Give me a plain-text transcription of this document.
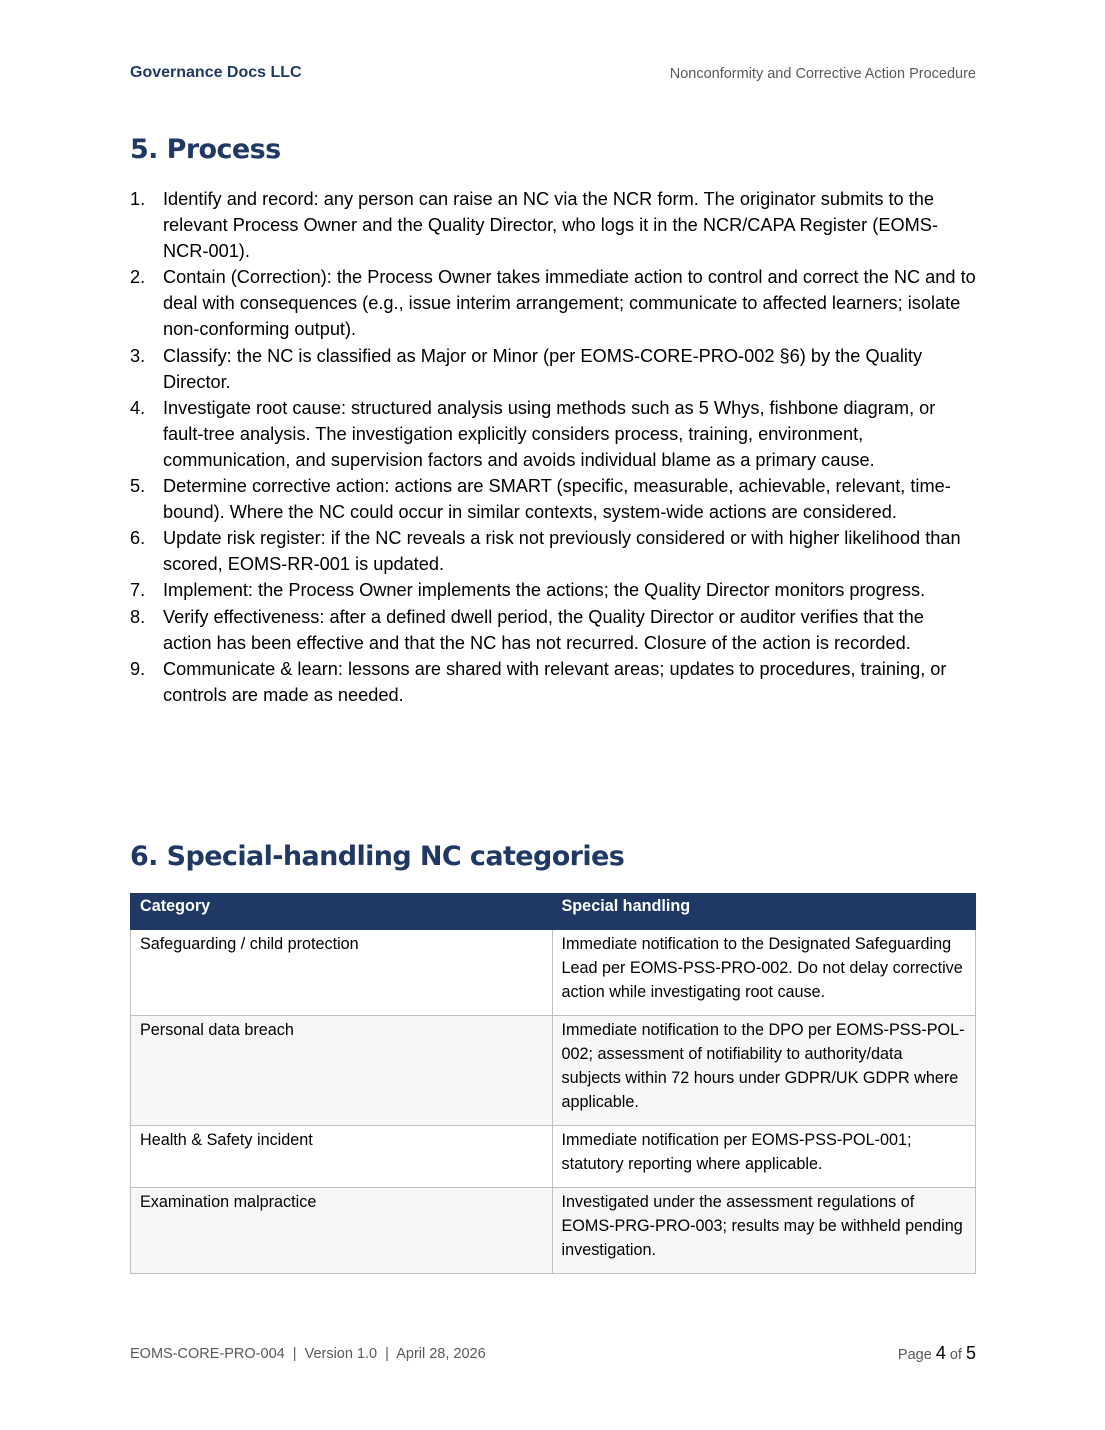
Governance Docs LLC	Nonconformity and Corrective Action Procedure
5. Process
1. Identify and record: any person can raise an NC via the NCR form. The originator submits to the relevant Process Owner and the Quality Director, who logs it in the NCR/CAPA Register (EOMS-NCR-001).
2. Contain (Correction): the Process Owner takes immediate action to control and correct the NC and to deal with consequences (e.g., issue interim arrangement; communicate to affected learners; isolate non-conforming output).
3. Classify: the NC is classified as Major or Minor (per EOMS-CORE-PRO-002 §6) by the Quality Director.
4. Investigate root cause: structured analysis using methods such as 5 Whys, fishbone diagram, or fault-tree analysis. The investigation explicitly considers process, training, environment, communication, and supervision factors and avoids individual blame as a primary cause.
5. Determine corrective action: actions are SMART (specific, measurable, achievable, relevant, time-bound). Where the NC could occur in similar contexts, system-wide actions are considered.
6. Update risk register: if the NC reveals a risk not previously considered or with higher likelihood than scored, EOMS-RR-001 is updated.
7. Implement: the Process Owner implements the actions; the Quality Director monitors progress.
8. Verify effectiveness: after a defined dwell period, the Quality Director or auditor verifies that the action has been effective and that the NC has not recurred. Closure of the action is recorded.
9. Communicate & learn: lessons are shared with relevant areas; updates to procedures, training, or controls are made as needed.
6. Special-handling NC categories
Category	Special handling
Safeguarding / child protection	Immediate notification to the Designated Safeguarding Lead per EOMS-PSS-PRO-002. Do not delay corrective action while investigating root cause.
Personal data breach	Immediate notification to the DPO per EOMS-PSS-POL-002; assessment of notifiability to authority/data subjects within 72 hours under GDPR/UK GDPR where applicable.
Health & Safety incident	Immediate notification per EOMS-PSS-POL-001; statutory reporting where applicable.
Examination malpractice	Investigated under the assessment regulations of EOMS-PRG-PRO-003; results may be withheld pending investigation.
EOMS-CORE-PRO-004  |  Version 1.0  |  April 28, 2026	Page 4 of 5
